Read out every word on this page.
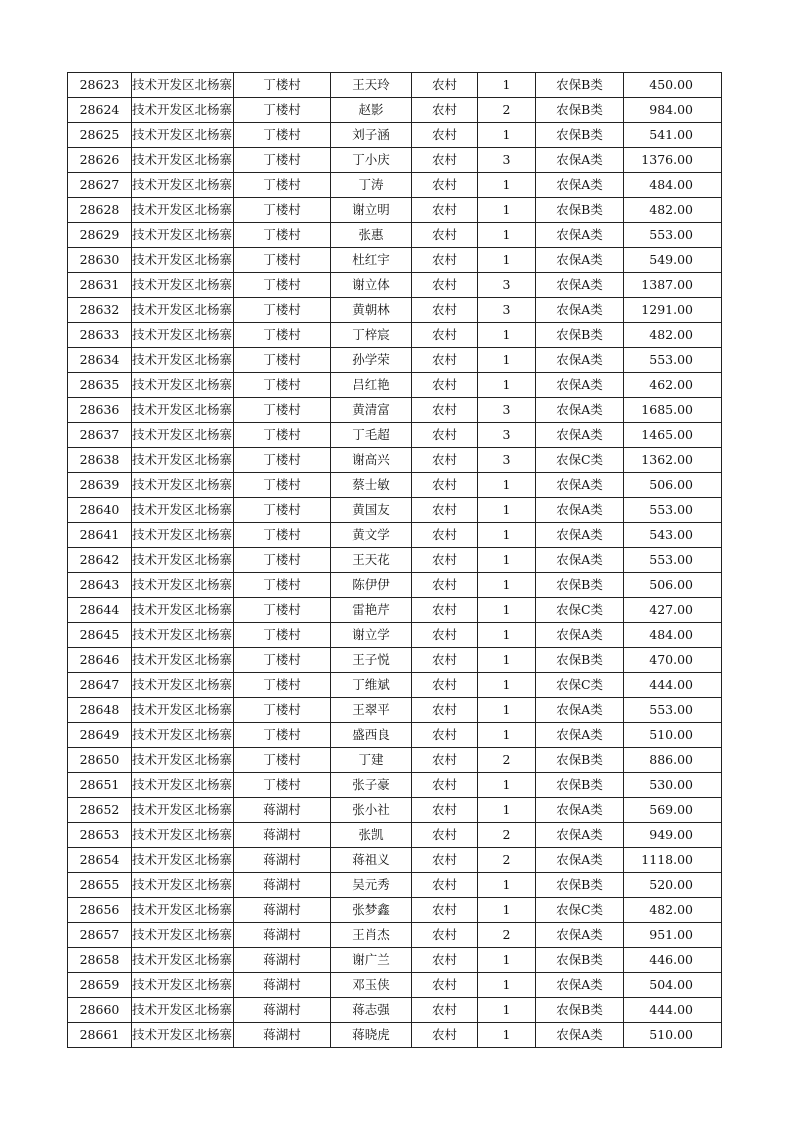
28623	技术开发区北杨寨	丁楼村	王天玲	农村	1	农保B类	450.00
28624	技术开发区北杨寨	丁楼村	赵影	农村	2	农保B类	984.00
28625	技术开发区北杨寨	丁楼村	刘子涵	农村	1	农保B类	541.00
28626	技术开发区北杨寨	丁楼村	丁小庆	农村	3	农保A类	1376.00
28627	技术开发区北杨寨	丁楼村	丁涛	农村	1	农保A类	484.00
28628	技术开发区北杨寨	丁楼村	谢立明	农村	1	农保B类	482.00
28629	技术开发区北杨寨	丁楼村	张惠	农村	1	农保A类	553.00
28630	技术开发区北杨寨	丁楼村	杜红宇	农村	1	农保A类	549.00
28631	技术开发区北杨寨	丁楼村	谢立体	农村	3	农保A类	1387.00
28632	技术开发区北杨寨	丁楼村	黄朝林	农村	3	农保A类	1291.00
28633	技术开发区北杨寨	丁楼村	丁梓宸	农村	1	农保B类	482.00
28634	技术开发区北杨寨	丁楼村	孙学荣	农村	1	农保A类	553.00
28635	技术开发区北杨寨	丁楼村	吕红艳	农村	1	农保A类	462.00
28636	技术开发区北杨寨	丁楼村	黄清富	农村	3	农保A类	1685.00
28637	技术开发区北杨寨	丁楼村	丁毛超	农村	3	农保A类	1465.00
28638	技术开发区北杨寨	丁楼村	谢高兴	农村	3	农保C类	1362.00
28639	技术开发区北杨寨	丁楼村	蔡士敏	农村	1	农保A类	506.00
28640	技术开发区北杨寨	丁楼村	黄国友	农村	1	农保A类	553.00
28641	技术开发区北杨寨	丁楼村	黄文学	农村	1	农保A类	543.00
28642	技术开发区北杨寨	丁楼村	王天花	农村	1	农保A类	553.00
28643	技术开发区北杨寨	丁楼村	陈伊伊	农村	1	农保B类	506.00
28644	技术开发区北杨寨	丁楼村	雷艳芹	农村	1	农保C类	427.00
28645	技术开发区北杨寨	丁楼村	谢立学	农村	1	农保A类	484.00
28646	技术开发区北杨寨	丁楼村	王子悦	农村	1	农保B类	470.00
28647	技术开发区北杨寨	丁楼村	丁维斌	农村	1	农保C类	444.00
28648	技术开发区北杨寨	丁楼村	王翠平	农村	1	农保A类	553.00
28649	技术开发区北杨寨	丁楼村	盛西良	农村	1	农保A类	510.00
28650	技术开发区北杨寨	丁楼村	丁建	农村	2	农保B类	886.00
28651	技术开发区北杨寨	丁楼村	张子豪	农村	1	农保B类	530.00
28652	技术开发区北杨寨	蒋湖村	张小社	农村	1	农保A类	569.00
28653	技术开发区北杨寨	蒋湖村	张凯	农村	2	农保A类	949.00
28654	技术开发区北杨寨	蒋湖村	蒋祖义	农村	2	农保A类	1118.00
28655	技术开发区北杨寨	蒋湖村	吴元秀	农村	1	农保B类	520.00
28656	技术开发区北杨寨	蒋湖村	张梦鑫	农村	1	农保C类	482.00
28657	技术开发区北杨寨	蒋湖村	王肖杰	农村	2	农保A类	951.00
28658	技术开发区北杨寨	蒋湖村	谢广兰	农村	1	农保B类	446.00
28659	技术开发区北杨寨	蒋湖村	邓玉侠	农村	1	农保A类	504.00
28660	技术开发区北杨寨	蒋湖村	蒋志强	农村	1	农保B类	444.00
28661	技术开发区北杨寨	蒋湖村	蒋晓虎	农村	1	农保A类	510.00
